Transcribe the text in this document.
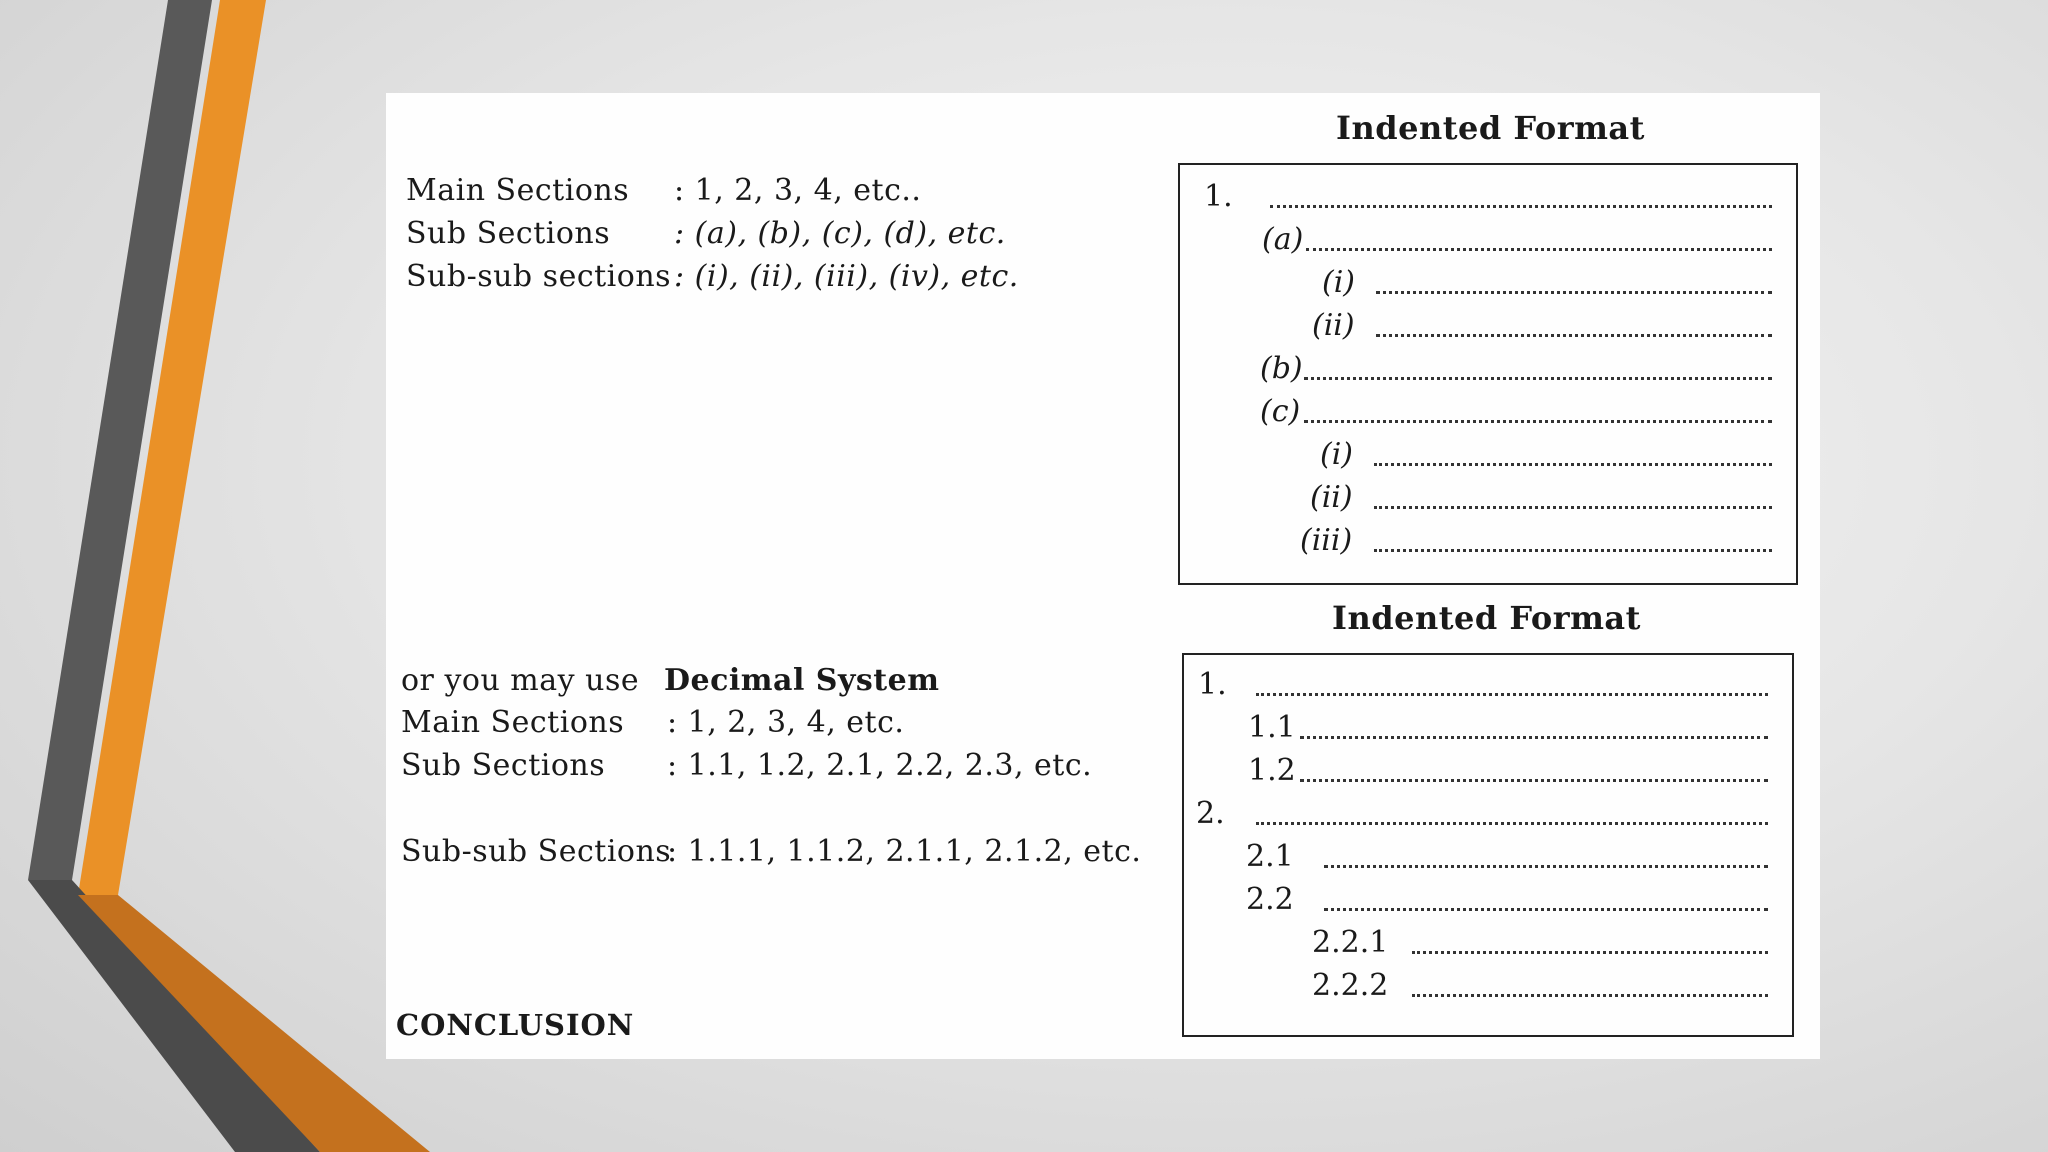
Main Sections : 1, 2, 3, 4, etc..
Sub Sections : (a), (b), (c), (d), etc.
Sub-sub sections : (i), (ii), (iii), (iv), etc.
or you may use Decimal System
Main Sections : 1, 2, 3, 4, etc.
Sub Sections : 1.1, 1.2, 2.1, 2.2, 2.3, etc.
Sub-sub Sections
: 1.1.1, 1.1.2, 2.1.1, 2.1.2, etc.
CONCLUSION
Indented Format
1.
(a)
(i)
(ii)
(b)
(c)
(i)
(ii)
(iii)
Indented Format
1.
1.1
1.2
2.
2.1
2.2
2.2.1
2.2.2
